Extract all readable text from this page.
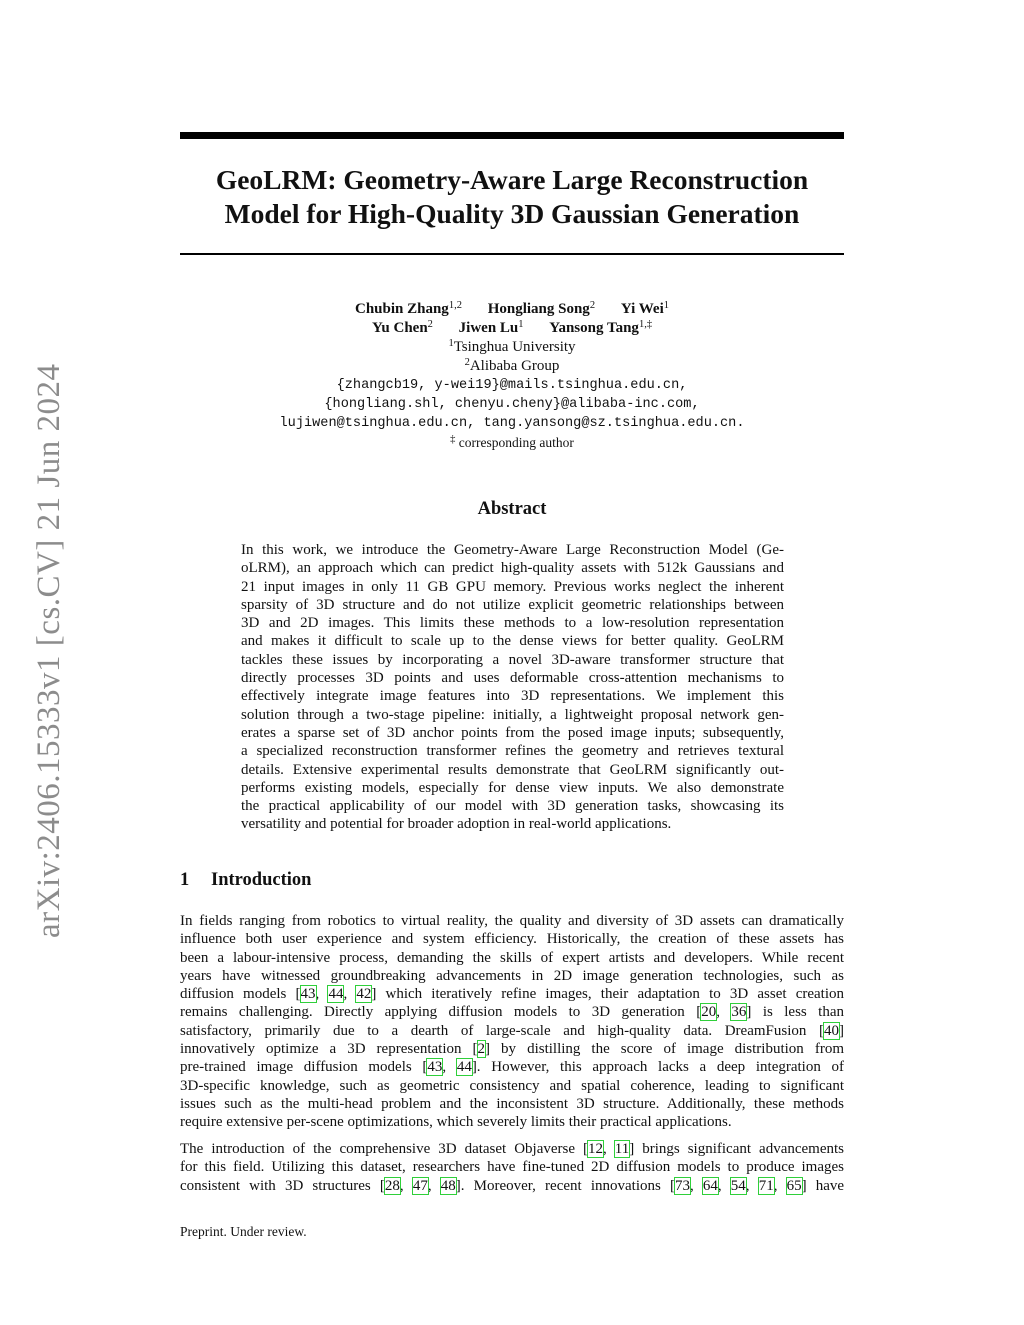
arXiv:2406.15333v1 [cs.CV] 21 Jun 2024
GeoLRM: Geometry-Aware Large Reconstruction
Model for High-Quality 3D Gaussian Generation
Chubin Zhang$^{1,2}$ Hongliang Song$^2$ Yi Wei$^1$
Yu Chen$^2$ Jiwen Lu$^1$ Yansong Tang$^{1,\ddagger}$
$^1$Tsinghua University
$^2$Alibaba Group
{zhangcb19, y-wei19}@mails.tsinghua.edu.cn,
{hongliang.shl, chenyu.cheny}@alibaba-inc.com,
lujiwen@tsinghua.edu.cn, tang.yansong@sz.tsinghua.edu.cn.
‡ corresponding author
Abstract
In this work, we introduce the Geometry-Aware Large Reconstruction Model (Ge-
oLRM), an approach which can predict high-quality assets with 512k Gaussians and
21 input images in only 11 GB GPU memory. Previous works neglect the inherent
sparsity of 3D structure and do not utilize explicit geometric relationships between
3D and 2D images. This limits these methods to a low-resolution representation
and makes it difficult to scale up to the dense views for better quality. GeoLRM
tackles these issues by incorporating a novel 3D-aware transformer structure that
directly processes 3D points and uses deformable cross-attention mechanisms to
effectively integrate image features into 3D representations. We implement this
solution through a two-stage pipeline: initially, a lightweight proposal network gen-
erates a sparse set of 3D anchor points from the posed image inputs; subsequently,
a specialized reconstruction transformer refines the geometry and retrieves textural
details. Extensive experimental results demonstrate that GeoLRM significantly out-
performs existing models, especially for dense view inputs. We also demonstrate
the practical applicability of our model with 3D generation tasks, showcasing its
versatility and potential for broader adoption in real-world applications.
1 Introduction
In fields ranging from robotics to virtual reality, the quality and diversity of 3D assets can dramatically
influence both user experience and system efficiency. Historically, the creation of these assets has
been a labour-intensive process, demanding the skills of expert artists and developers. While recent
years have witnessed groundbreaking advancements in 2D image generation technologies, such as
diffusion models [43, 44, 42] which iteratively refine images, their adaptation to 3D asset creation
remains challenging. Directly applying diffusion models to 3D generation [20, 36] is less than
satisfactory, primarily due to a dearth of large-scale and high-quality data. DreamFusion [40]
innovatively optimize a 3D representation [2] by distilling the score of image distribution from
pre-trained image diffusion models [43, 44]. However, this approach lacks a deep integration of
3D-specific knowledge, such as geometric consistency and spatial coherence, leading to significant
issues such as the multi-head problem and the inconsistent 3D structure. Additionally, these methods
require extensive per-scene optimizations, which severely limits their practical applications.
The introduction of the comprehensive 3D dataset Objaverse [12, 11] brings significant advancements
for this field. Utilizing this dataset, researchers have fine-tuned 2D diffusion models to produce images
consistent with 3D structures [28, 47, 48]. Moreover, recent innovations [73, 64, 54, 71, 65] have
Preprint. Under review.
